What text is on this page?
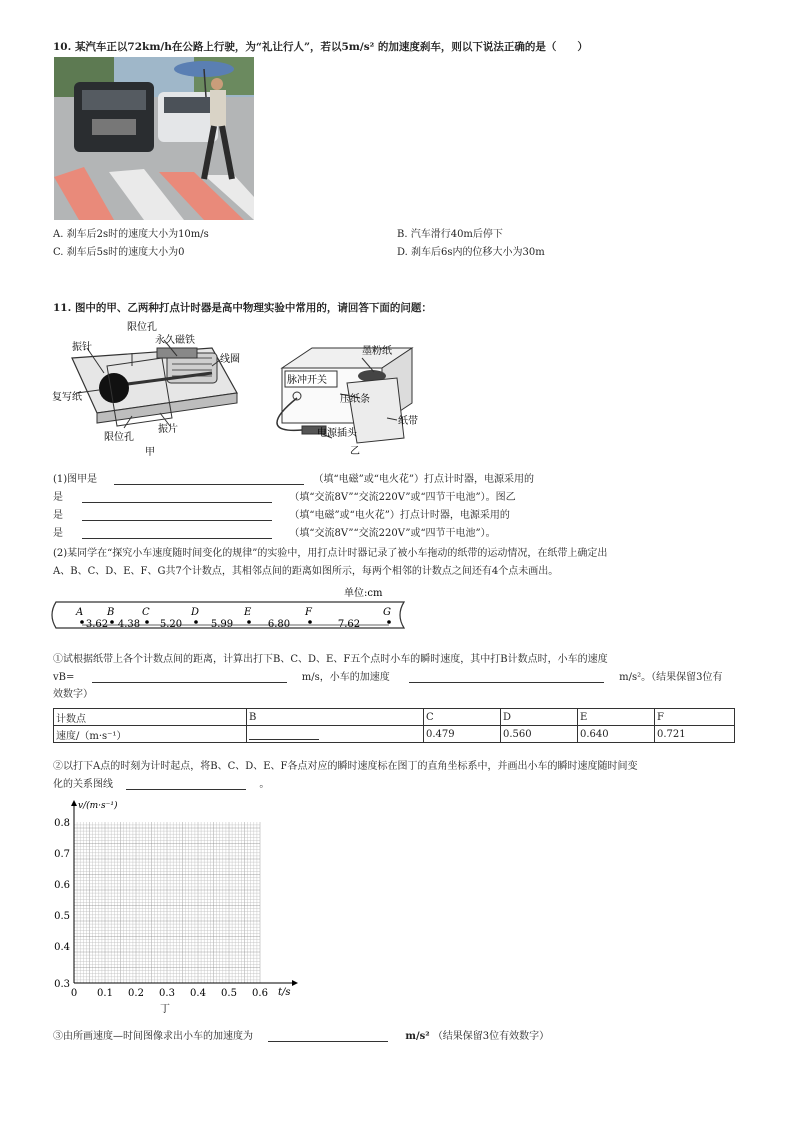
10. 某汽车正以72km/h在公路上行驶，为“礼让行人”，若以5m/s² 的加速度刹车，则以下说法正确的是（　　）
A. 刹车后2s时的速度大小为10m/s	B. 汽车滑行40m后停下
C. 刹车后5s时的速度大小为0	D. 刹车后6s内的位移大小为30m
11. 图中的甲、乙两种打点计时器是高中物理实验中常用的，请回答下面的问题：
振针
限位孔
永久磁铁
线圈
复写纸
限位孔
振片
甲
墨粉纸
脉冲开关
压纸条
纸带
电源插头
乙
(1)图甲是	（填“电磁”或“电火花”）打点计时器，电源采用的
是	（填“交流8V”“交流220V”或“四节干电池”）。图乙
是	（填“电磁”或“电火花”）打点计时器，电源采用的
是	（填“交流8V”“交流220V”或“四节干电池”）。
(2)某同学在“探究小车速度随时间变化的规律”的实验中，用打点计时器记录了被小车拖动的纸带的运动情况，在纸带上确定出
A、B、C、D、E、F、G共7个计数点，其相邻点间的距离如图所示，每两个相邻的计数点之间还有4个点未画出。
单位:cm
A B	C	D	E	F	G
3.62 4.38 5.20	5.99	6.80	7.62
①试根据纸带上各个计数点间的距离，计算出打下B、C、D、E、F五个点时小车的瞬时速度，其中打B计数点时，小车的速度
vB=	m/s，小车的加速度	m/s²。（结果保留3位有
效数字）
计数点	B	C	D	E	F
速度/（m·s⁻¹）		0.479	0.560	0.640	0.721
②以打下A点的时刻为计时起点，将B、C、D、E、F各点对应的瞬时速度标在图丁的直角坐标系中，并画出小车的瞬时速度随时间变
化的关系图线	。
v/(m·s⁻¹)
t/s
0.8
0.7
0.6
0.5
0.4
0.3
0 0.1 0.2 0.3 0.4 0.5 0.6
丁
③由所画速度—时间图像求出小车的加速度为	m/s² （结果保留3位有效数字）
